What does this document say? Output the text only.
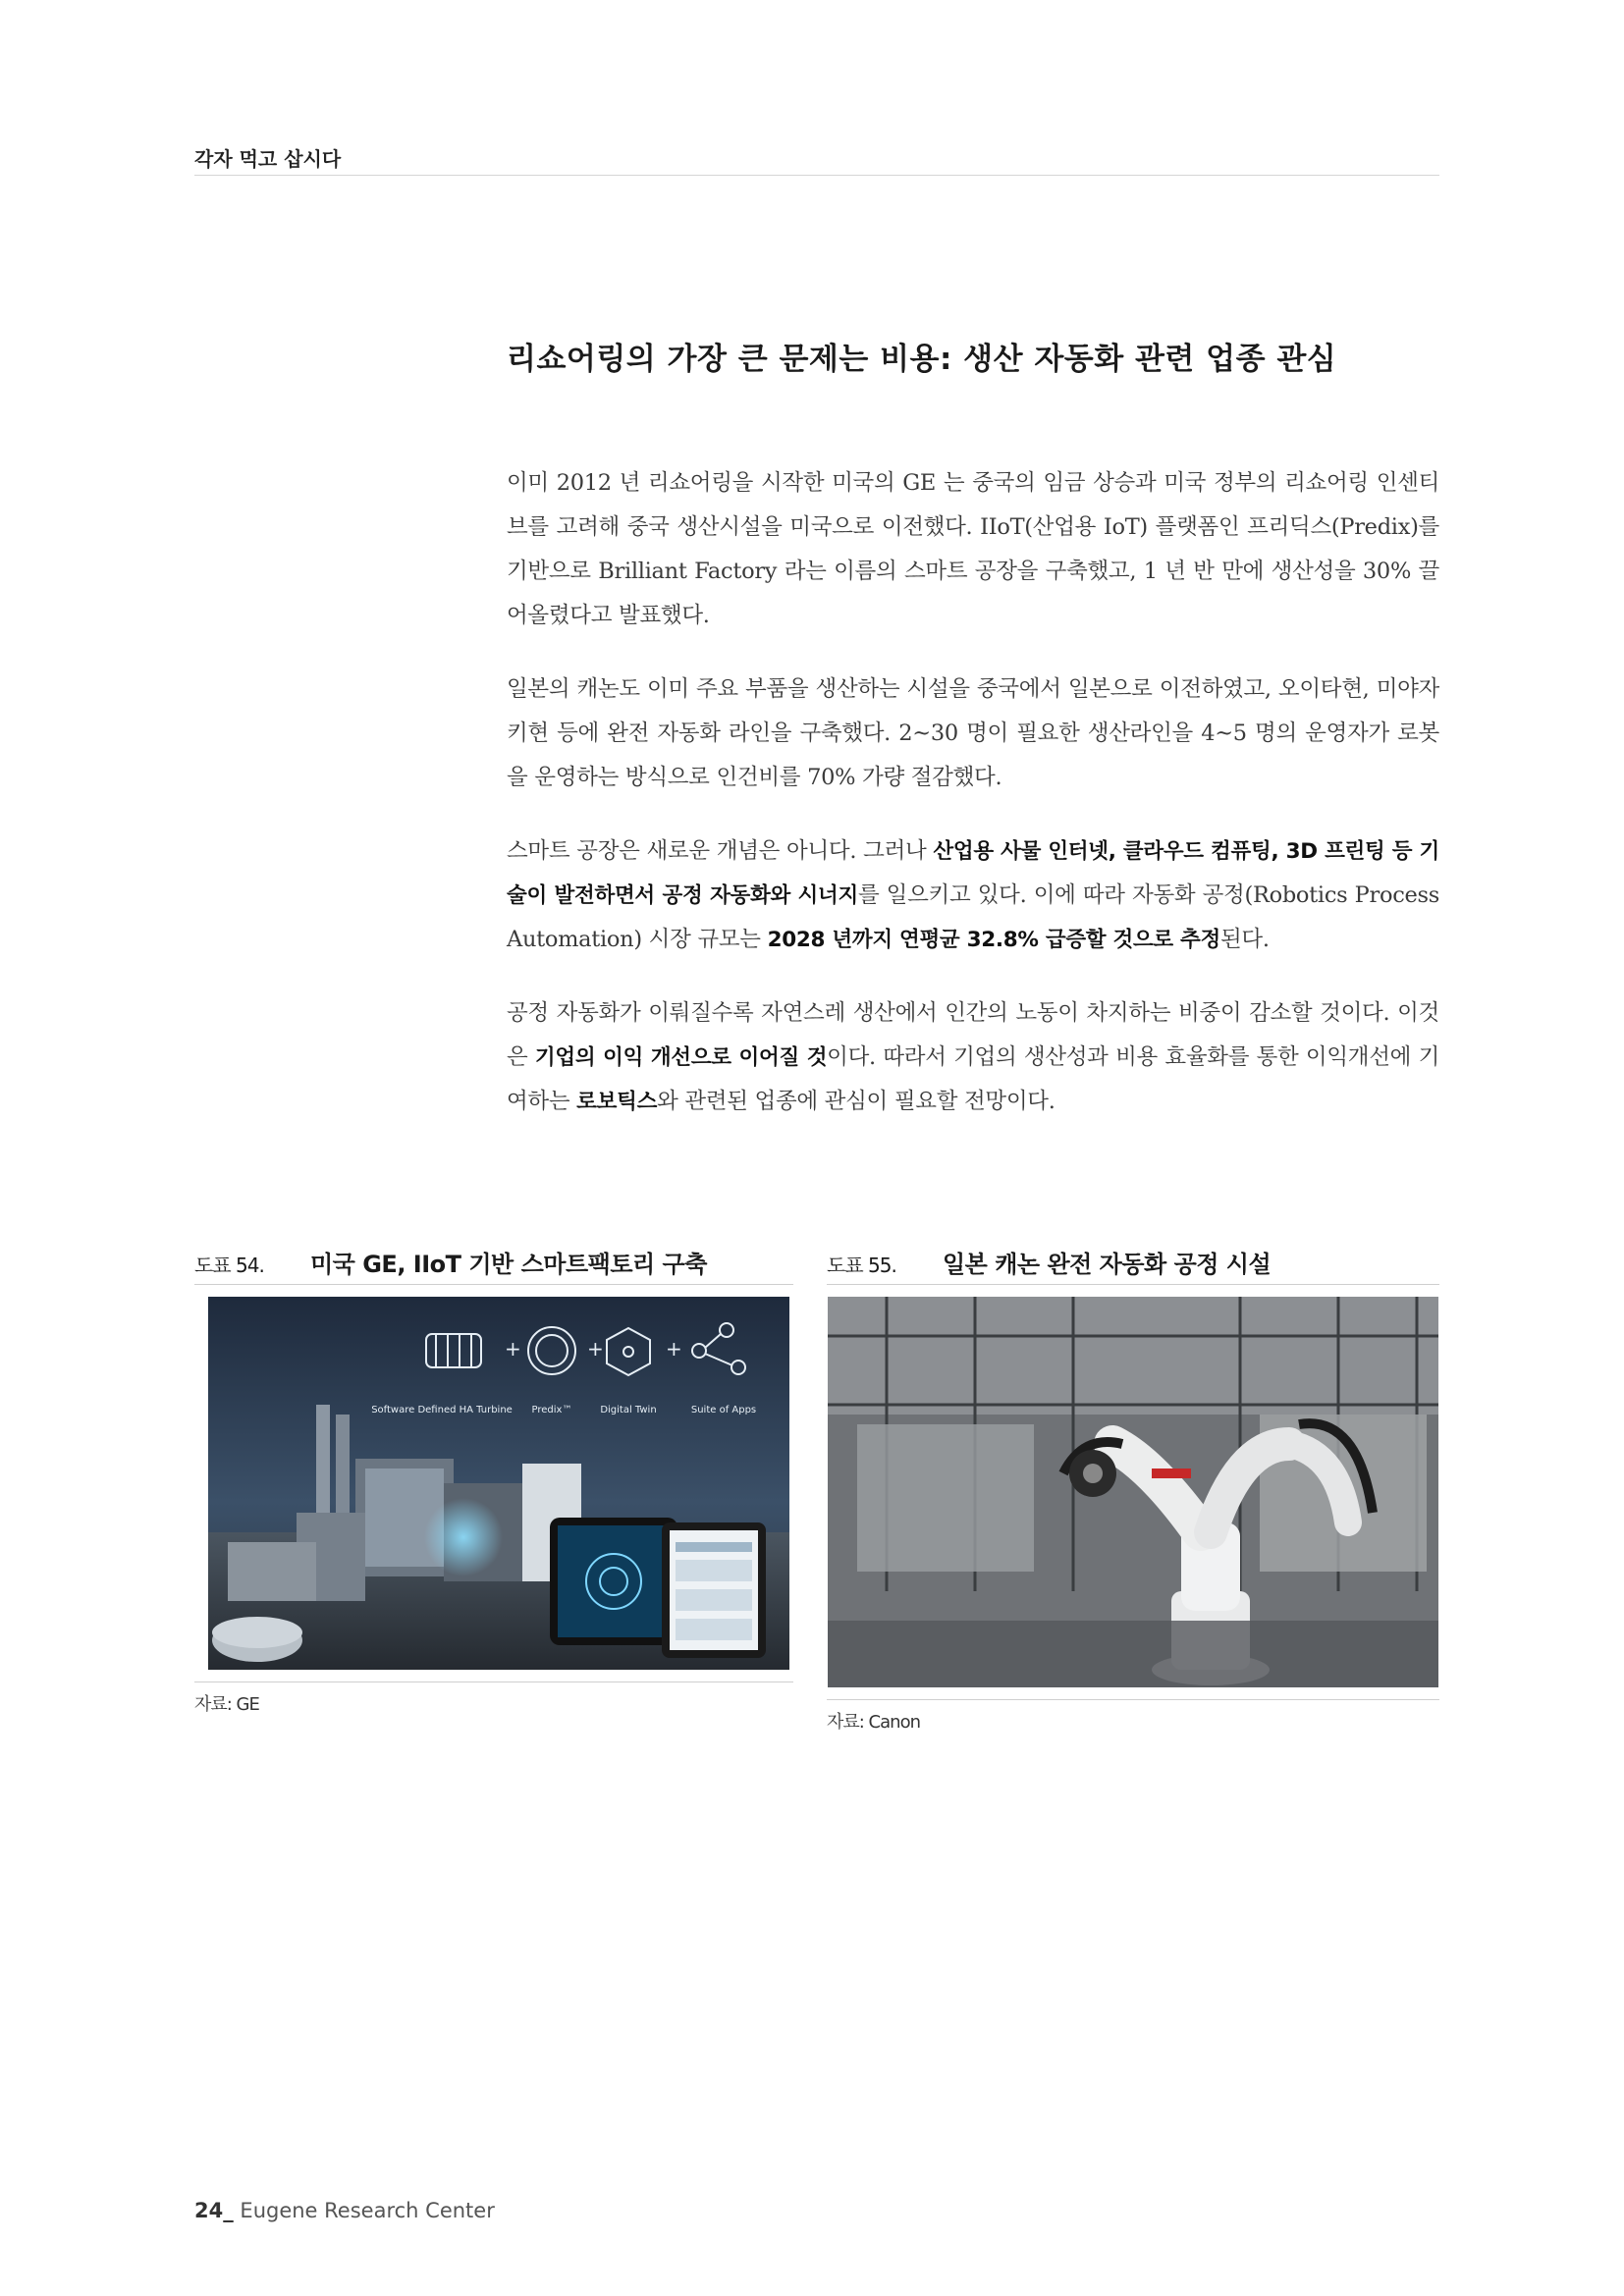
각자 먹고 삽시다
리쇼어링의 가장 큰 문제는 비용: 생산 자동화 관련 업종 관심

이미 2012 년 리쇼어링을 시작한 미국의 GE 는 중국의 임금 상승과 미국 정부의 리쇼어링 인센티브를 고려해 중국 생산시설을 미국으로 이전했다. IIoT(산업용 IoT) 플랫폼인 프리딕스(Predix)를 기반으로 Brilliant Factory 라는 이름의 스마트 공장을 구축했고, 1 년 반 만에 생산성을 30% 끌어올렸다고 발표했다.

일본의 캐논도 이미 주요 부품을 생산하는 시설을 중국에서 일본으로 이전하였고, 오이타현, 미야자키현 등에 완전 자동화 라인을 구축했다. 2~30 명이 필요한 생산라인을 4~5 명의 운영자가 로봇을 운영하는 방식으로 인건비를 70% 가량 절감했다.

스마트 공장은 새로운 개념은 아니다. 그러나 산업용 사물 인터넷, 클라우드 컴퓨팅, 3D 프린팅 등 기술이 발전하면서 공정 자동화와 시너지를 일으키고 있다. 이에 따라 자동화 공정(Robotics Process Automation) 시장 규모는 2028 년까지 연평균 32.8% 급증할 것으로 추정된다.

공정 자동화가 이뤄질수록 자연스레 생산에서 인간의 노동이 차지하는 비중이 감소할 것이다. 이것은 기업의 이익 개선으로 이어질 것이다. 따라서 기업의 생산성과 비용 효율화를 통한 이익개선에 기여하는 로보틱스와 관련된 업종에 관심이 필요할 전망이다.

도표 54. 미국 GE, IIoT 기반 스마트팩토리 구축
+	+	+
Software Defined HA Turbine Predix™	Digital Twin	Suite of Apps
자료: GE
도표 55. 일본 캐논 완전 자동화 공정 시설
자료: Canon
24_ Eugene Research Center
